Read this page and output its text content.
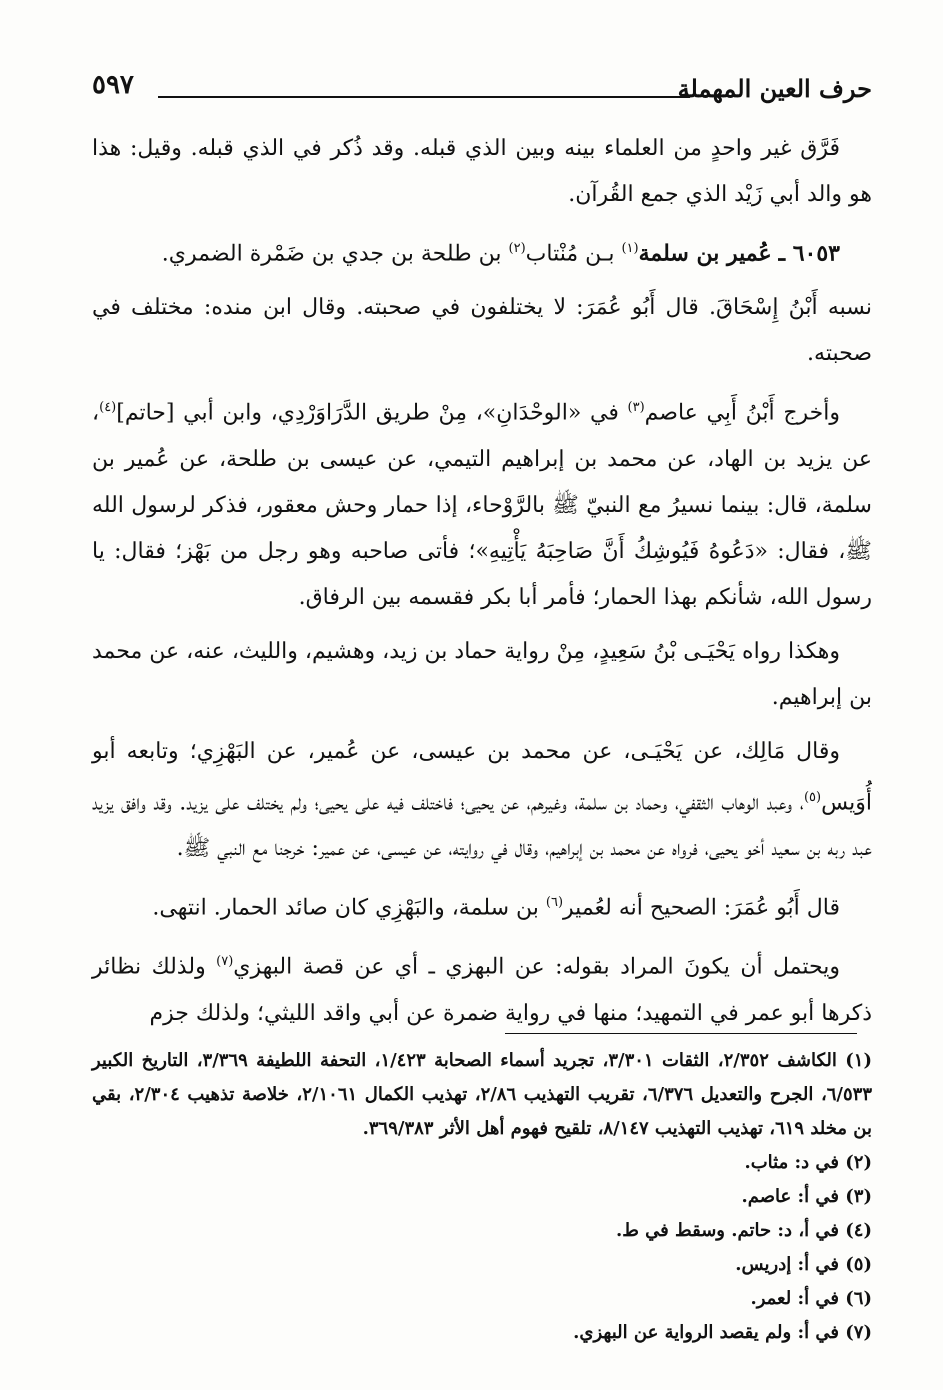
حرف العين المهملة
٥٩٧

فَرَّق غير واحدٍ من العلماء بينه وبين الذي قبله. وقد ذُكر في الذي قبله. وقيل: هذا هو والد أبي زَيْد الذي جمع القُرآن.

٦٠٥٣ ـ عُمير بن سلمة$^{(١)}$ بـن مُنْتاب$^{(٢)}$ بن طلحة بن جدي بن ضَمْرة الضمري.

نسبه أَبْنُ إِسْحَاقَ. قال أَبُو عُمَرَ: لا يختلفون في صحبته. وقال ابن منده: مختلف في صحبته.

وأخرج أَبْنُ أَبِي عاصم$^{(٣)}$ في «الوحْدَانِ»، مِنْ طريق الدَّرَاوَرْدِي، وابن أبي [حاتم]$^{(٤)}$، عن يزيد بن الهاد، عن محمد بن إبراهيم التيمي، عن عيسى بن طلحة، عن عُمير بن سلمة، قال: بينما نسيرُ مع النبيّ ﷺ بالرَّوْحاء، إذا حمار وحش معقور، فذكر لرسول الله ﷺ، فقال: «دَعُوهُ فَيُوشِكُ أَنَّ صَاحِبَهُ يَأْتِيهِ»؛ فأتى صاحبه وهو رجل من بَهْز؛ فقال: يا رسول الله، شأنكم بهذا الحمار؛ فأمر أبا بكر فقسمه بين الرفاق.

وهكذا رواه يَحْيَـى بْنُ سَعِيدٍ، مِنْ رواية حماد بن زيد، وهشيم، والليث، عنه، عن محمد بن إبراهيم.

وقال مَالِك، عن يَحْيَـى، عن محمد بن عيسى، عن عُمير، عن البَهْزِي؛ وتابعه أبو أُوَيس$^{(٥)}$، وعبد الوهاب الثقفي، وحماد بن سلمة، وغيرهم، عن يحيى؛ فاختلف فيه على يحيى؛ ولم يختلف على يزيد. وقد وافق يزيد عبد ربه بن سعيد أخو يحيى، فرواه عن محمد بن إبراهيم، وقال في روايته، عن عيسى، عن عمير: خرجنا مع النبي ﷺ.

قال أَبُو عُمَرَ: الصحيح أنه لعُمير$^{(٦)}$ بن سلمة، والبَهْزِي كان صائد الحمار. انتهى.

ويحتمل أن يكونَ المراد بقوله: عن البهزي ـ أي عن قصة البهزي$^{(٧)}$ ولذلك نظائر ذكرها أبو عمر في التمهيد؛ منها في رواية ضمرة عن أبي واقد الليثي؛ ولذلك جزم

(١) الكاشف ٢/٣٥٢، الثقات ٣/٣٠١، تجريد أسماء الصحابة ١/٤٢٣، التحفة اللطيفة ٣/٣٦٩، التاريخ الكبير ٦/٥٣٣، الجرح والتعديل ٦/٣٧٦، تقريب التهذيب ٢/٨٦، تهذيب الكمال ٢/١٠٦١، خلاصة تذهيب ٢/٣٠٤، بقي بن مخلد ٦١٩، تهذيب التهذيب ٨/١٤٧، تلقيح فهوم أهل الأثر ٣٦٩/٣٨٣.

(٢) في د: مثاب.

(٣) في أ: عاصم.

(٤) في أ، د: حاتم. وسقط في ط.

(٥) في أ: إدريس.

(٦) في أ: لعمر.

(٧) في أ: ولم يقصد الرواية عن البهزي.
